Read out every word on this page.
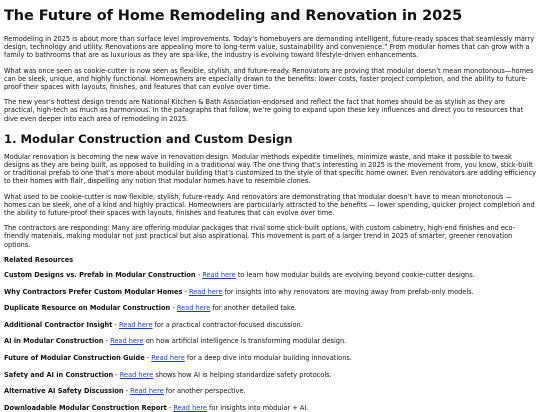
The Future of Home Remodeling and Renovation in 2025

Remodeling in 2025 is about more than surface level improvements. Today’s homebuyers are demanding intelligent, future-ready spaces that seamlessly marry design, technology and utility. Renovations are appealing more to long-term value, sustainability and convenience.” From modular homes that can grow with a family to bathrooms that are as luxurious as they are spa-like, the industry is evolving toward lifestyle-driven enhancements.

What was once seen as cookie-cutter is now seen as flexible, stylish, and future-ready. Renovators are proving that modular doesn’t mean monotonous—homes can be sleek, unique, and highly functional. Homeowners are especially drawn to the benefits: lower costs, faster project completion, and the ability to future-proof their spaces with layouts, finishes, and features that can evolve over time.

The new year’s hottest design trends are National Kitchen & Bath Association-endorsed and reflect the fact that homes should be as stylish as they are practical, high-tech as much as harmonious. In the paragraphs that follow, we’re going to expand upon these key influences and direct you to resources that dive even deeper into each area of remodeling in 2025.

1. Modular Construction and Custom Design

Modular renovation is becoming the new wave in renovation design. Modular methods expedite timelines, minimize waste, and make it possible to tweak designs as they are being built, as opposed to building in a traditional way. The one thing that’s interesting in 2025 is the movement from, you know, stick-built or traditional prefab to one that’s more about modular building that’s customized to the style of that specific home owner. Even renovators are adding efficiency to their homes with flair, dispelling any notion that modular homes have to resemble clones.

What used to be cookie-cutter is now flexible, stylish, future-ready. And renovators are demonstrating that modular doesn’t have to mean monotonous — homes can be sleek, one of a kind and highly practical. Homeowners are particularly attracted to the benefits — lower spending, quicker project completion and the ability to future-proof their spaces with layouts, finishes and features that can evolve over time.

The contractors are responding: Many are offering modular packages that rival some stick-built options, with custom cabinetry, high-end finishes and eco-friendly materials, making modular not just practical but also aspirational. This movement is part of a larger trend in 2025 of smarter, greener renovation options.

Related Resources
Custom Designs vs. Prefab in Modular Construction - Read here to learn how modular builds are evolving beyond cookie-cutter designs.
Why Contractors Prefer Custom Modular Homes - Read here for insights into why renovators are moving away from prefab-only models.
Duplicate Resource on Modular Construction - Read here for another detailed take.
Additional Contractor Insight - Read here for a practical contractor-focused discussion.
AI in Modular Construction - Read here on how artificial intelligence is transforming modular design.
Future of Modular Construction Guide - Read here for a deep dive into modular building innovations.
Safety and AI in Construction - Read here shows how AI is helping standardize safety protocols.
Alternative AI Safety Discussion - Read here for another perspective.
Downloadable Modular Construction Report - Read here for insights into modular + AI.
